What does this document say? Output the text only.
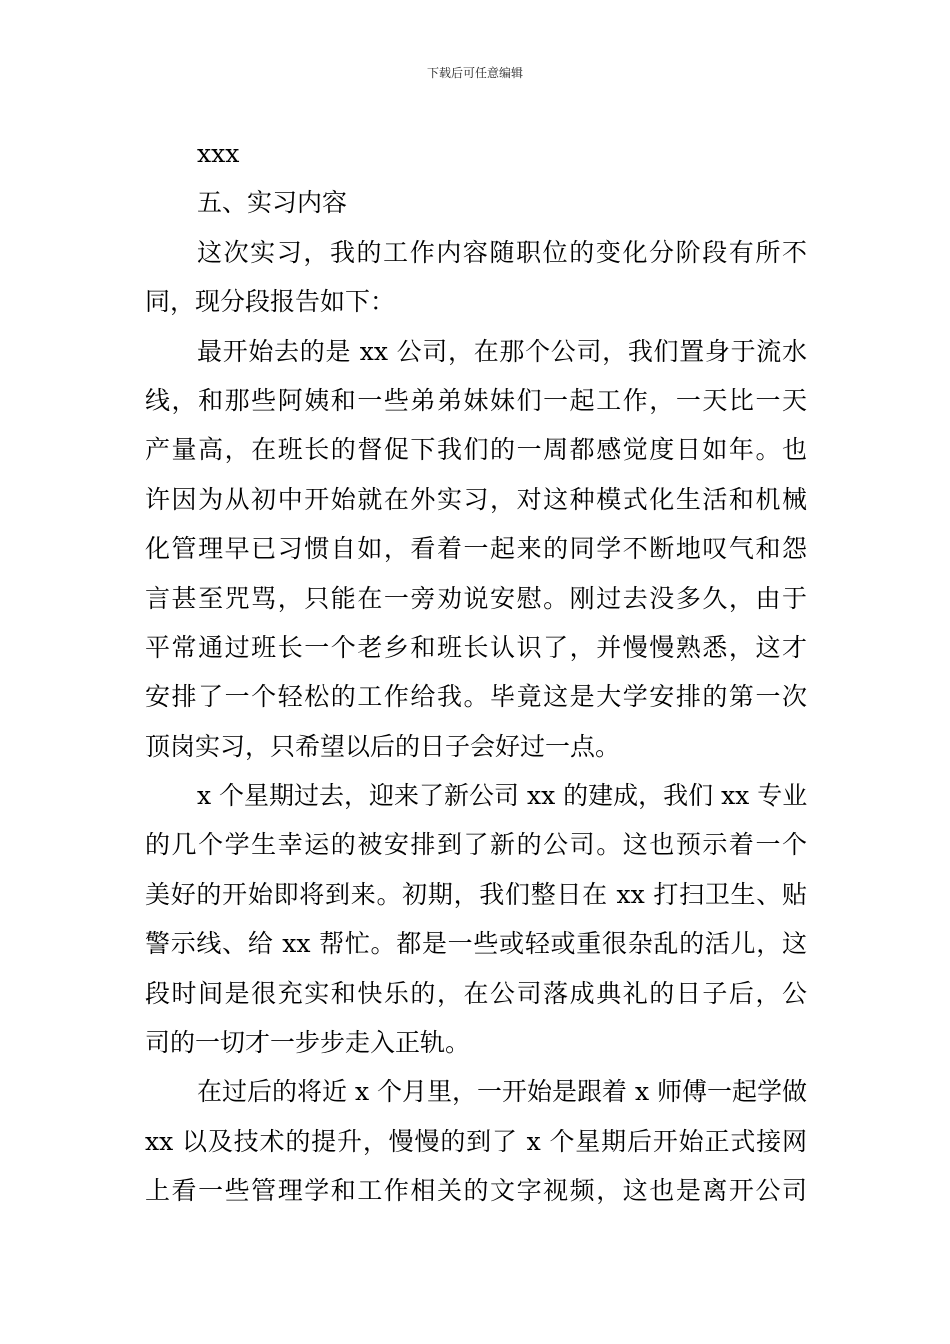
下载后可任意编辑
xxx
五、实习内容
这次实习，我的工作内容随职位的变化分阶段有所不
同，现分段报告如下：
最开始去的是 xx 公司，在那个公司，我们置身于流水
线，和那些阿姨和一些弟弟妹妹们一起工作，一天比一天
产量高，在班长的督促下我们的一周都感觉度日如年。也
许因为从初中开始就在外实习，对这种模式化生活和机械
化管理早已习惯自如，看着一起来的同学不断地叹气和怨
言甚至咒骂，只能在一旁劝说安慰。刚过去没多久，由于
平常通过班长一个老乡和班长认识了，并慢慢熟悉，这才
安排了一个轻松的工作给我。毕竟这是大学安排的第一次
顶岗实习，只希望以后的日子会好过一点。
x 个星期过去，迎来了新公司 xx 的建成，我们 xx 专业
的几个学生幸运的被安排到了新的公司。这也预示着一个
美好的开始即将到来。初期，我们整日在 xx 打扫卫生、贴
警示线、给 xx 帮忙。都是一些或轻或重很杂乱的活儿，这
段时间是很充实和快乐的，在公司落成典礼的日子后，公
司的一切才一步步走入正轨。
在过后的将近 x 个月里，一开始是跟着 x 师傅一起学做
xx 以及技术的提升，慢慢的到了 x 个星期后开始正式接网
上看一些管理学和工作相关的文字视频，这也是离开公司
